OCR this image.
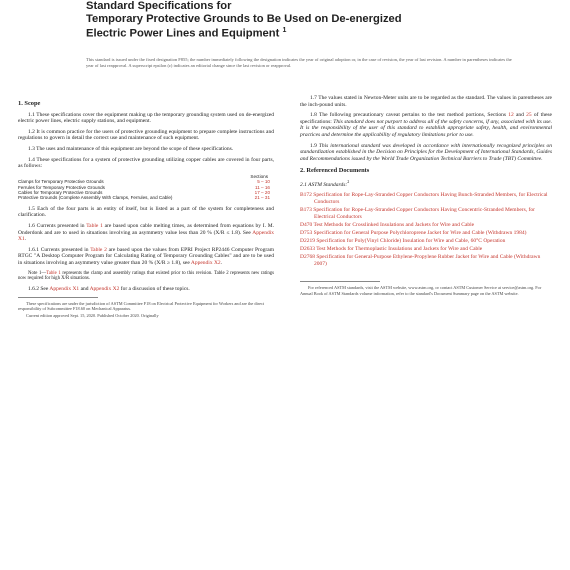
Standard Specifications for
Temporary Protective Grounds to Be Used on De-energized
Electric Power Lines and Equipment $^1$
This standard is issued under the fixed designation F855; the number immediately following the designation indicates the year of original adoption or, in the case of revision, the year of last revision. A number in parentheses indicates the year of last reapproval. A superscript epsilon (ε) indicates an editorial change since the last revision or reapproval.
1. Scope
1.1 These specifications cover the equipment making up the temporary grounding system used on de-energized electric power lines, electric supply stations, and equipment.
1.2 It is common practice for the users of protective grounding equipment to prepare complete instructions and regulations to govern in detail the correct use and maintenance of such equipment.
1.3 The uses and maintenance of this equipment are beyond the scope of these specifications.
1.4 These specifications for a system of protective grounding utilizing copper cables are covered in four parts, as follows:
Sections
Clamps for Temporary Protective Grounds	5 – 10
Ferrules for Temporary Protective Grounds	11 – 16
Cables for Temporary Protective Grounds	17 – 20
Protective Grounds (Complete Assembly With Clamps, Ferrules, and Cable)	21 – 31
1.5 Each of the four parts is an entity of itself, but is listed as a part of the system for completeness and clarification.
1.6 Currents presented in Table 1 are based upon cable melting times, as determined from equations by I. M. Onderdonk and are to used in situations involving an asymmetry value less than 20 % (X/R ≤ 1.8). See Appendix X1.
1.6.1 Currents presented in Table 2 are based upon the values from EPRI Project RP2446 Computer Program RTGC "A Desktop Computer Program for Calculating Rating of Temporary Grounding Cables" and are to be used in situations involving an asymmetry value greater than 20 % (X/R ≥ 1.8), see Appendix X2.
Note 1—Table 1 represents the clamp and assembly ratings that existed prior to this revision. Table 2 represents new ratings now required for high X/R situations.
1.6.2 See Appendix X1 and Appendix X2 for a discussion of these topics.
These specifications are under the jurisdiction of ASTM Committee F18 on Electrical Protective Equipment for Workers and are the direct responsibility of Subcommittee F18.60 on Mechanical Apparatus.
Current edition approved Sept. 15, 2020. Published October 2020. Originally
1.7 The values stated in Newton-Meter units are to be regarded as the standard. The values in parentheses are the inch-pound units.
1.8 The following precautionary caveat pertains to the test method portions, Sections 12 and 25 of these specifications: This standard does not purport to address all of the safety concerns, if any, associated with its use. It is the responsibility of the user of this standard to establish appropriate safety, health, and environmental practices and determine the applicability of regulatory limitations prior to use.
1.9 This international standard was developed in accordance with internationally recognized principles on standardization established in the Decision on Principles for the Development of International Standards, Guides and Recommendations issued by the World Trade Organization Technical Barriers to Trade (TBT) Committee.
2. Referenced Documents
2.1 ASTM Standards:$^2$
B172 Specification for Rope-Lay-Stranded Copper Conductors Having Bunch-Stranded Members, for Electrical Conductors
B173 Specification for Rope-Lay-Stranded Copper Conductors Having Concentric-Stranded Members, for Electrical Conductors
D470 Test Methods for Crosslinked Insulations and Jackets for Wire and Cable
D753 Specification for General Purpose Polychloroprene Jacket for Wire and Cable (Withdrawn 1984)
D2219 Specification for Poly(Vinyl Chloride) Insulation for Wire and Cable, 60°C Operation
D2633 Test Methods for Thermoplastic Insulations and Jackets for Wire and Cable
D2768 Specification for General-Purpose Ethylene-Propylene Rubber Jacket for Wire and Cable (Withdrawn 2007)
For referenced ASTM standards, visit the ASTM website, www.astm.org, or contact ASTM Customer Service at service@astm.org. For Annual Book of ASTM Standards volume information, refer to the standard's Document Summary page on the ASTM website.
